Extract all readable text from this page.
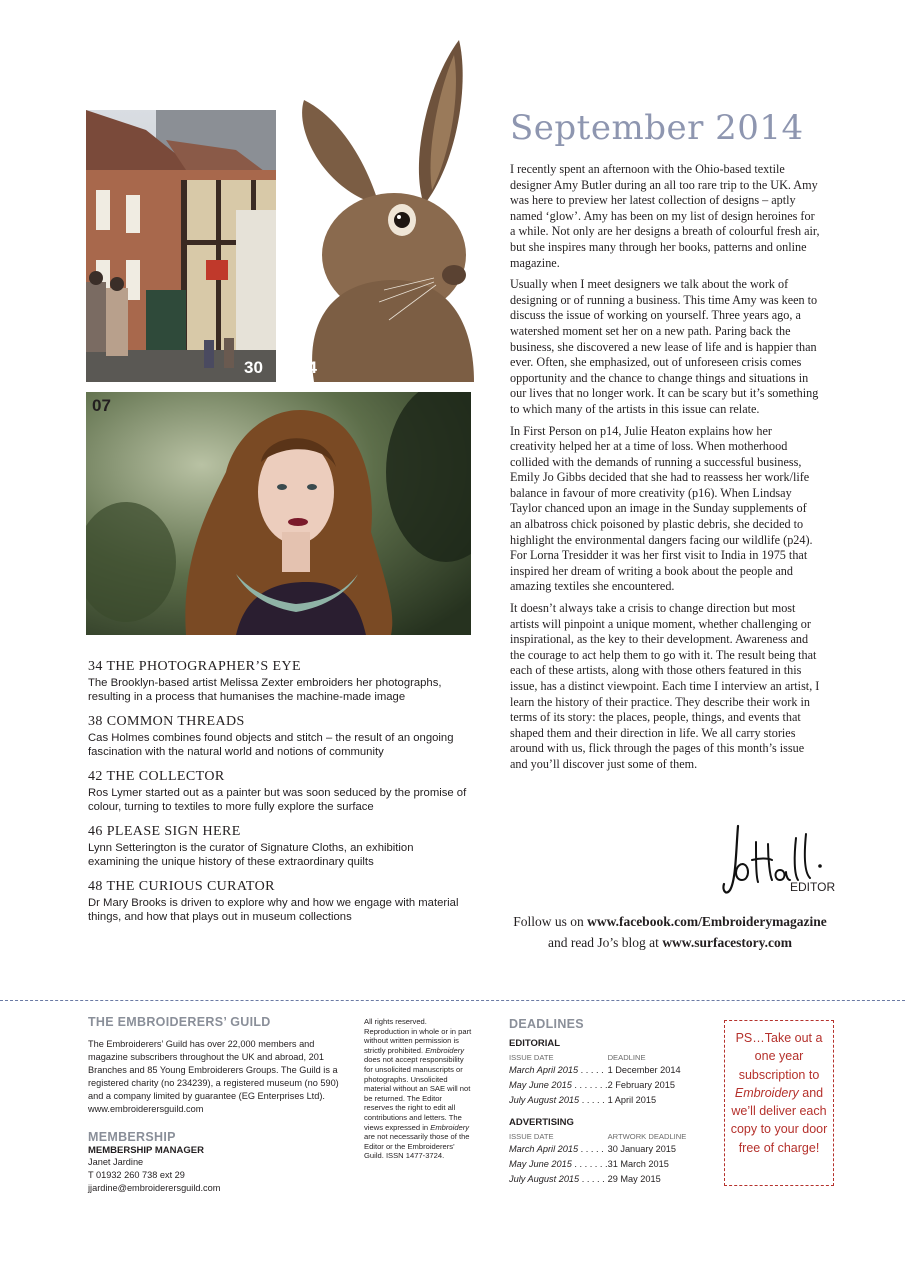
30 24
07
September 2014

I recently spent an afternoon with the Ohio-based textile designer Amy Butler during an all too rare trip to the UK. Amy was here to preview her latest collection of designs – aptly named ‘glow’. Amy has been on my list of design heroines for a while. Not only are her designs a breath of colourful fresh air, but she inspires many through her books, patterns and online magazine.

Usually when I meet designers we talk about the work of designing or of running a business. This time Amy was keen to discuss the issue of working on yourself. Three years ago, a watershed moment set her on a new path. Paring back the business, she discovered a new lease of life and is happier than ever. Often, she emphasized, out of unforeseen crisis comes opportunity and the chance to change things and situations in our lives that no longer work. It can be scary but it’s something to which many of the artists in this issue can relate.

In First Person on p14, Julie Heaton explains how her creativity helped her at a time of loss. When motherhood collided with the demands of running a successful business, Emily Jo Gibbs decided that she had to reassess her work/life balance in favour of more creativity (p16). When Lindsay Taylor chanced upon an image in the Sunday supplements of an albatross chick poisoned by plastic debris, she decided to highlight the environmental dangers facing our wildlife (p24). For Lorna Tresidder it was her first visit to India in 1975 that inspired her dream of writing a book about the people and amazing textiles she encountered.

It doesn’t always take a crisis to change direction but most artists will pinpoint a unique moment, whether challenging or inspirational, as the key to their development. Awareness and the courage to act help them to go with it. The result being that each of these artists, along with those others featured in this issue, has a distinct viewpoint. Each time I interview an artist, I learn the history of their practice. They describe their work in terms of its story: the places, people, things, and events that shaped them and their direction in life. We all carry stories around with us, flick through the pages of this month’s issue and you’ll discover just some of them.

JoHall.
EDITOR
Follow us on www.facebook.com/Embroiderymagazine
and read Jo’s blog at www.surfacestory.com
34 THE PHOTOGRAPHER’S EYE
The Brooklyn-based artist Melissa Zexter embroiders her photographs, resulting in a process that humanises the machine-made image
38 COMMON THREADS
Cas Holmes combines found objects and stitch – the result of an ongoing fascination with the natural world and notions of community
42 THE COLLECTOR
Ros Lymer started out as a painter but was soon seduced by the promise of colour, turning to textiles to more fully explore the surface
46 PLEASE SIGN HERE
Lynn Setterington is the curator of Signature Cloths, an exhibition examining the unique history of these extraordinary quilts
48 THE CURIOUS CURATOR
Dr Mary Brooks is driven to explore why and how we engage with material things, and how that plays out in museum collections
THE EMBROIDERERS’ GUILD
The Embroiderers’ Guild has over 22,000 members and magazine subscribers throughout the UK and abroad, 201 Branches and 85 Young Embroiderers Groups. The Guild is a registered charity (no 234239), a registered museum (no 590) and a company limited by guarantee (EG Enterprises Ltd). www.embroiderersguild.com
MEMBERSHIP
MEMBERSHIP MANAGER
Janet Jardine
T 01932 260 738 ext 29
jjardine@embroiderersguild.com
All rights reserved. Reproduction in whole or in part without written permission is strictly prohibited. Embroidery does not accept responsibility for unsolicited manuscripts or photographs. Unsolicited material without an SAE will not be returned. The Editor reserves the right to edit all contributions and letters. The views expressed in Embroidery are not necessarily those of the Editor or the Embroiderers’ Guild. ISSN 1477-3724.
DEADLINES
EDITORIAL
ISSUE DATE	DEADLINE
March April 2015 . . . . .	1 December 2014
May June 2015 . . . . . . .	2 February 2015
July August 2015 . . . . .	1 April 2015
ADVERTISING
ISSUE DATE	ARTWORK DEADLINE
March April 2015 . . . . .	30 January 2015
May June 2015 . . . . . . .	31 March 2015
July August 2015 . . . . .	29 May 2015
PS…Take out a one year subscription to Embroidery and we’ll deliver each copy to your door free of charge!
